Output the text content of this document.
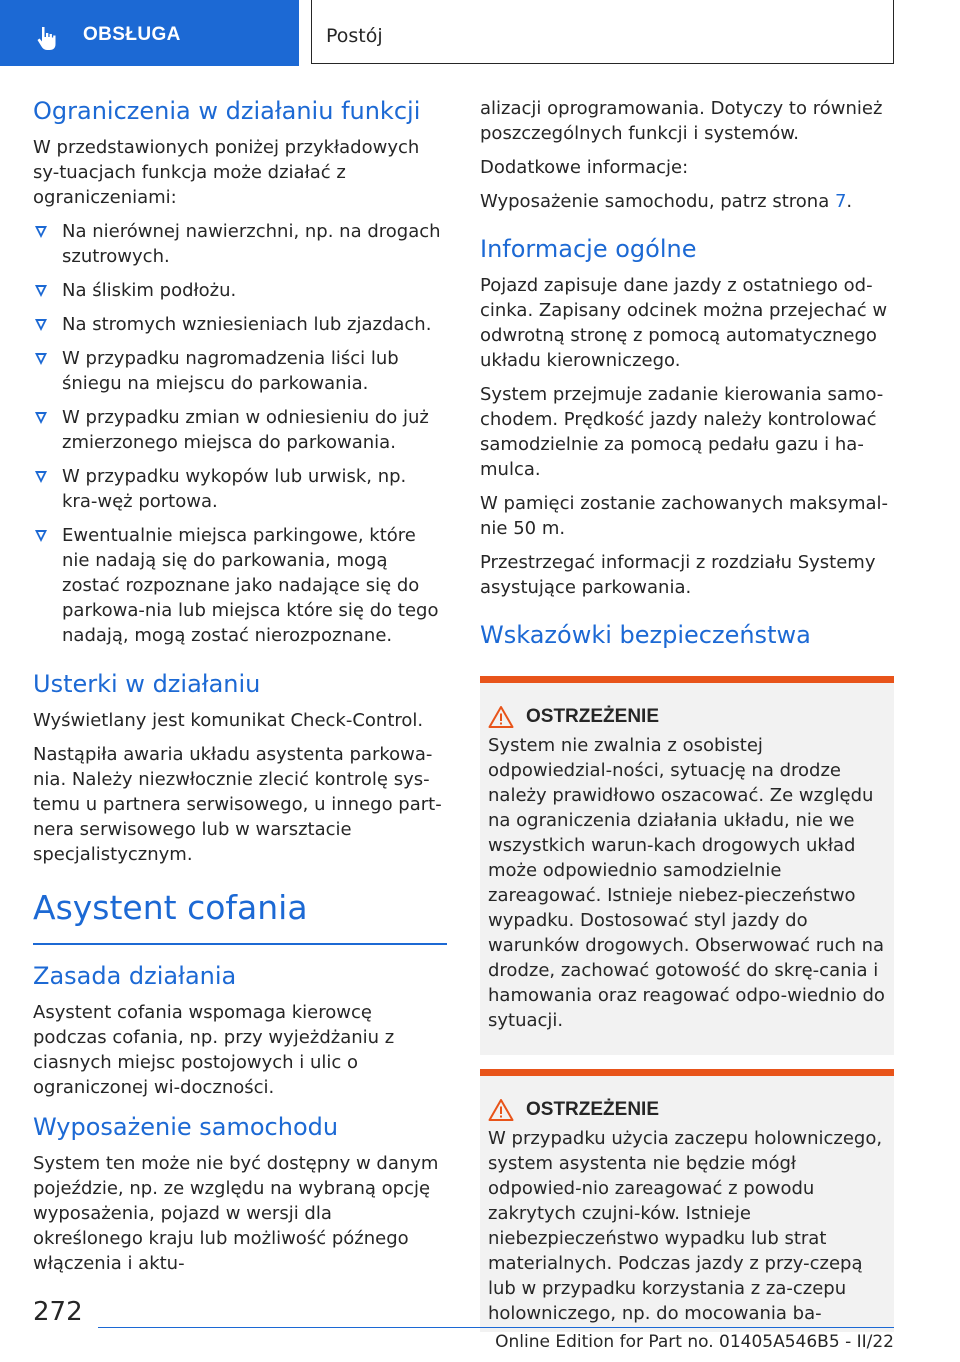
OBSŁUGA	Postój
Ograniczenia w działaniu funkcji

W przedstawionych poniżej przykładowych sy-tuacjach funkcja może działać z ograniczeniami:

Na nierównej nawierzchni, np. na drogach szutrowych.
Na śliskim podłożu.
Na stromych wzniesieniach lub zjazdach.
W przypadku nagromadzenia liści lub śniegu na miejscu do parkowania.
W przypadku zmian w odniesieniu do już zmierzonego miejsca do parkowania.
W przypadku wykopów lub urwisk, np. kra-węż portowa.
Ewentualnie miejsca parkingowe, które nie nadają się do parkowania, mogą zostać rozpoznane jako nadające się do parkowa-nia lub miejsca które się do tego nadają, mogą zostać nierozpoznane.
Usterki w działaniu

Wyświetlany jest komunikat Check-Control.

Nastąpiła awaria układu asystenta parkowa-nia. Należy niezwłocznie zlecić kontrolę sys-temu u partnera serwisowego, u innego part-nera serwisowego lub w warsztacie specjalistycznym.

Asystent cofania
Zasada działania

Asystent cofania wspomaga kierowcę podczas cofania, np. przy wyjeżdżaniu z ciasnych miejsc postojowych i ulic o ograniczonej wi-doczności.

Wyposażenie samochodu

System ten może nie być dostępny w danym pojeździe, np. ze względu na wybraną opcję wyposażenia, pojazd w wersji dla określonego kraju lub możliwość późnego włączenia i aktu-

alizacji oprogramowania. Dotyczy to również poszczególnych funkcji i systemów.

Dodatkowe informacje:

Wyposażenie samochodu, patrz strona 7.

Informacje ogólne

Pojazd zapisuje dane jazdy z ostatniego od-cinka. Zapisany odcinek można przejechać w odwrotną stronę z pomocą automatycznego układu kierowniczego.

System przejmuje zadanie kierowania samo-chodem. Prędkość jazdy należy kontrolować samodzielnie za pomocą pedału gazu i ha-mulca.

W pamięci zostanie zachowanych maksymal-nie 50 m.

Przestrzegać informacji z rozdziału Systemy asystujące parkowania.

Wskazówki bezpieczeństwa
OSTRZEŻENIE

System nie zwalnia z osobistej odpowiedzial-ności, sytuację na drodze należy prawidłowo oszacować. Ze względu na ograniczenia działania układu, nie we wszystkich warun-kach drogowych układ może odpowiednio samodzielnie zareagować. Istnieje niebez-pieczeństwo wypadku. Dostosować styl jazdy do warunków drogowych. Obserwować ruch na drodze, zachować gotowość do skrę-cania i hamowania oraz reagować odpo-wiednio do sytuacji.

OSTRZEŻENIE

W przypadku użycia zaczepu holowniczego, system asystenta nie będzie mógł odpowied-nio zareagować z powodu zakrytych czujni-ków. Istnieje niebezpieczeństwo wypadku lub strat materialnych. Podczas jazdy z przy-czepą lub w przypadku korzystania z za-czepu holowniczego, np. do mocowania ba-

272
Online Edition for Part no. 01405A546B5 - II/22
